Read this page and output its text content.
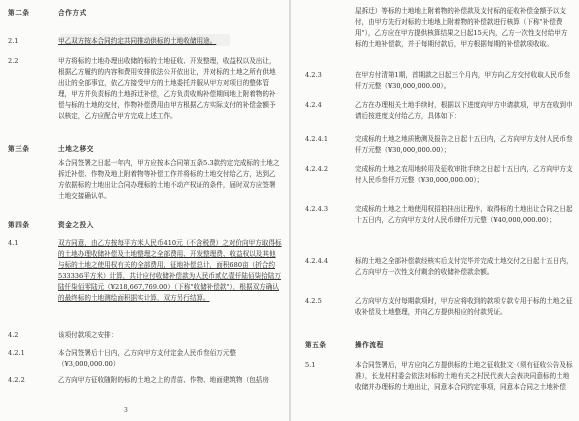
第二条	合作方式
2.1	甲乙双方按本合同约定共同推动供标的土地收储用途。

2.2	甲方将标的土地办理出收储的标的土地征收、开发整理，收益权以及出让，根据乙方履约的内容和费用安排依法公开依出让，并对标的土地之所有供地出让的全部事宜，依乙方接受甲方的土地委托并服从甲方对项目的整体管理，甲方并负责标的土地拆迁补偿，乙方负责收购补偿期间地上附着物的补偿与标的土地的交付，作物补偿费用由甲方根据乙方实际支付的补偿金额予以核定，乙方应配合甲方完成上述工作。

第三条	土地之移交

本合同签署之日起一年内，甲方应按本合同第五条5.3款约定完成标的土地之拆迁补偿、作物及地上附着物等补偿工作并将标的土地交付给乙方，达到乙方依据标的土地出让合同办理标的土地不动产权证的条件，届时双方应签署土地交接确认单。

第四条	资金之投入
4.1	双方同意，由乙方按每平方米人民币410元（不含税费）之对价向甲方取得标的土地办理收储补偿及土地整理之全部费用、开发整理费、收益权以及其他与标的土地之使用权有关的全部费用，征地补偿总计，面积680亩（折合约 533336平方米）计算，共计应付收储补偿款为人民币贰亿壹仟陆佰柒拾陆万陆仟柒佰零陆元（¥218,667,769.00）（下称"收储补偿款"），根据双方确认的最终标的土地测绘面积据实计算，双方另行结算。

4.2	该项付款项之安排：

4.2.1	本合同签署后十日内，乙方向甲方支付定金人民币叁佰万元整（¥3,000,000.00）

4.2.2	乙方向甲方征收随附的标的土地之上的青苗、作物、地面建筑物（包括房

3

屋拆迁）等标的土地地上附着物的补偿款及支付标的征收补偿金额予以支付，由甲方先行对标的土地地上附着物的补偿款进行核算（下称"补偿费用"），乙方应在甲方提供核算结果之日起15天内，乙方一次性支付给甲方标的土地补偿款，并于每期付款后，甲方根据每期的补偿款项收取。

4.2.3	在甲方付清第1期，首期款之日起三个月内，甲方向乙方交付收取人民币叁仟万元整（¥30,000,000.00）。

4.2.4	乙方在办理相关土地手续时，根据以下进度向甲方申请款项，甲方在收到申请后按进度支付给乙方，具体如下：

4.2.4.1	完成标的土地之地质勘测及报告之日起十五日内，乙方向甲方支付人民币叁仟万元整（¥30,000,000.00）；

4.2.4.2	完成标的土地之农用地转用及征收审批手续之日起十五日内，乙方向甲方支付人民币叁仟万元整（¥30,000,000.00）；

4.2.4.3	完成标的土地之土地使用权招拍挂出让程序，取得标的土地出让合同之日起十五日内，乙方向甲方支付人民币肆仟万元整（¥40,000,000.00）；

4.2.4.4	标的土地之全部补偿款经核实后支付完毕并完成土地交付之日起十五日内，乙方向甲方一次性支付剩余的收储补偿款余额。

4.2.5	乙方向甲方支付每期款项时，甲方应将收到的款项专款专用于标的土地之征收补偿及土地整理，并向乙方提供相应的付款凭证。

第五条	操作流程
5.1	本合同签署后，甲方应向乙方提供标的土地之征收批文（须有征收公告及标准），长龙村村委会依法对标的土地有关之村民代表大会表决同意标的土地收储并办理标的土地出让，同意本合同约定事项，同意本合同之土地补偿
